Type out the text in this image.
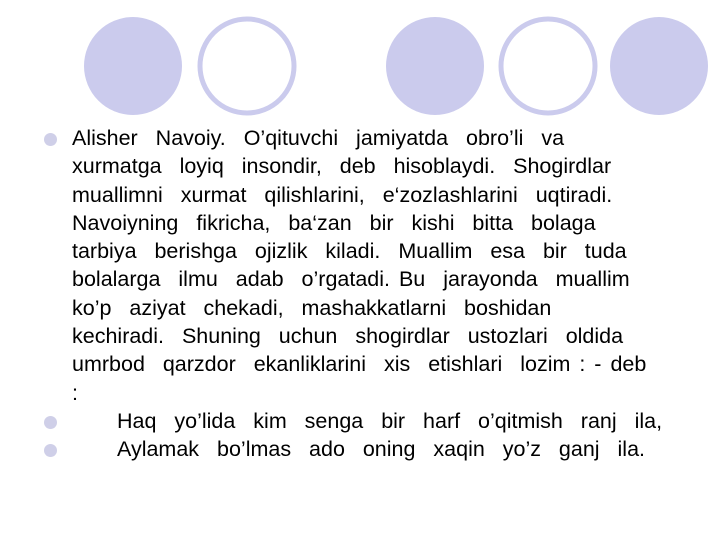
Alisher  Navoiy.  O’qituvchi  jamiyatda  obro’li  va
xurmatga  loyiq  insondir,  deb  hisoblaydi.  Shogirdlar
muallimni  xurmat  qilishlarini,  e‘zozlashlarini  uqtiradi.
Navoiyning  fikricha,  ba‘zan  bir  kishi  bitta  bolaga
tarbiya  berishga  ojizlik  kiladi.  Muallim  esa  bir  tuda
bolalarga  ilmu  adab  o’rgatadi. Bu  jarayonda  muallim
ko’p  aziyat  chekadi,  mashakkatlarni  boshidan
kechiradi.  Shuning  uchun  shogirdlar  ustozlari  oldida
umrbod  qarzdor  ekanliklarini  xis  etishlari  lozim : - deb
:
Haq  yo’lida  kim  senga  bir  harf  o’qitmish  ranj  ila,
Aylamak  bo’lmas  ado  oning  xaqin  yo’z  ganj  ila.
